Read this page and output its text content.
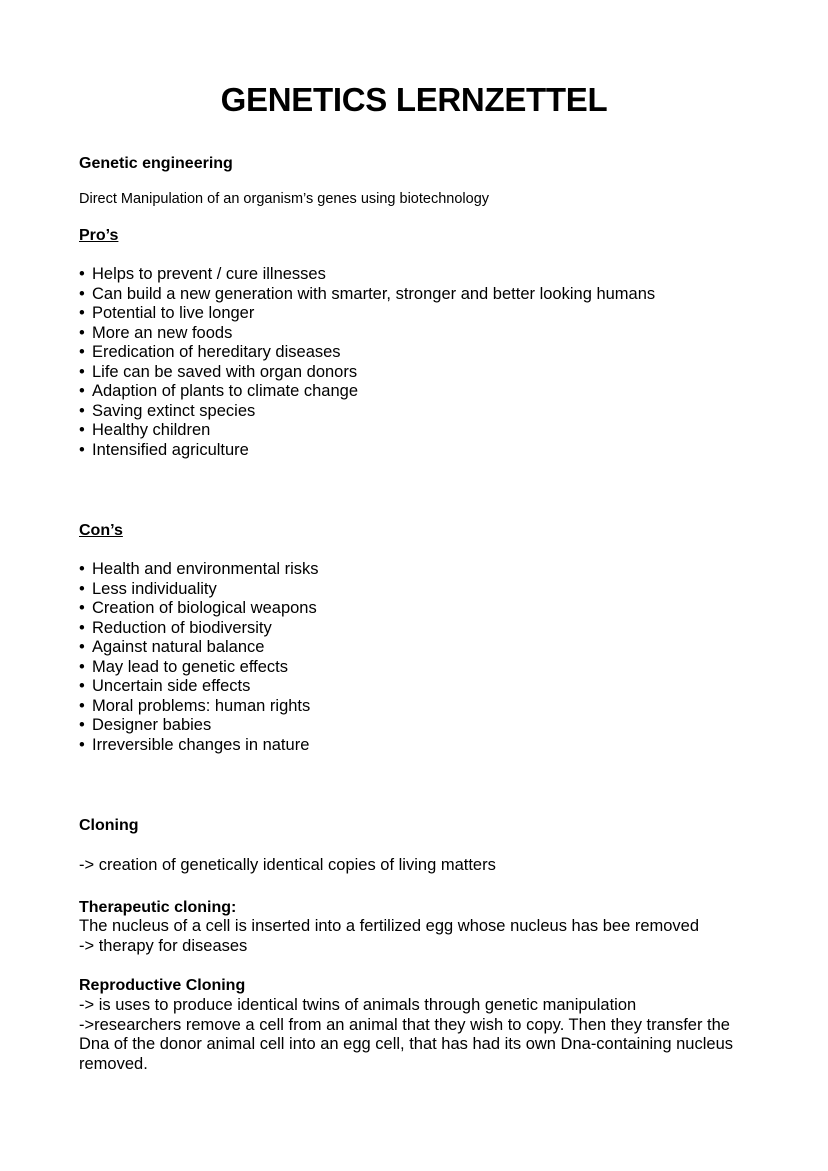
GENETICS LERNZETTEL
Genetic engineering
Direct Manipulation of an organism’s genes using biotechnology
Pro’s
• Helps to prevent / cure illnesses
• Can build a new generation with smarter, stronger and better looking humans
• Potential to live longer
• More an new foods
• Eredication of hereditary diseases
• Life can be saved with organ donors
• Adaption of plants to climate change
• Saving extinct species
• Healthy children
• Intensified agriculture
Con’s
• Health and environmental risks
• Less individuality
• Creation of biological weapons
• Reduction of biodiversity
• Against natural balance
• May lead to genetic effects
• Uncertain side effects
• Moral problems: human rights
• Designer babies
• Irreversible changes in nature
Cloning
-> creation of genetically identical copies of living matters
Therapeutic cloning:
The nucleus of a cell is inserted into a fertilized egg whose nucleus has bee removed
-> therapy for diseases
Reproductive Cloning
-> is uses to produce identical twins of animals through genetic manipulation
->researchers remove a cell from an animal that they wish to copy. Then they transfer the
Dna of the donor animal cell into an egg cell, that has had its own Dna-containing nucleus
removed.
